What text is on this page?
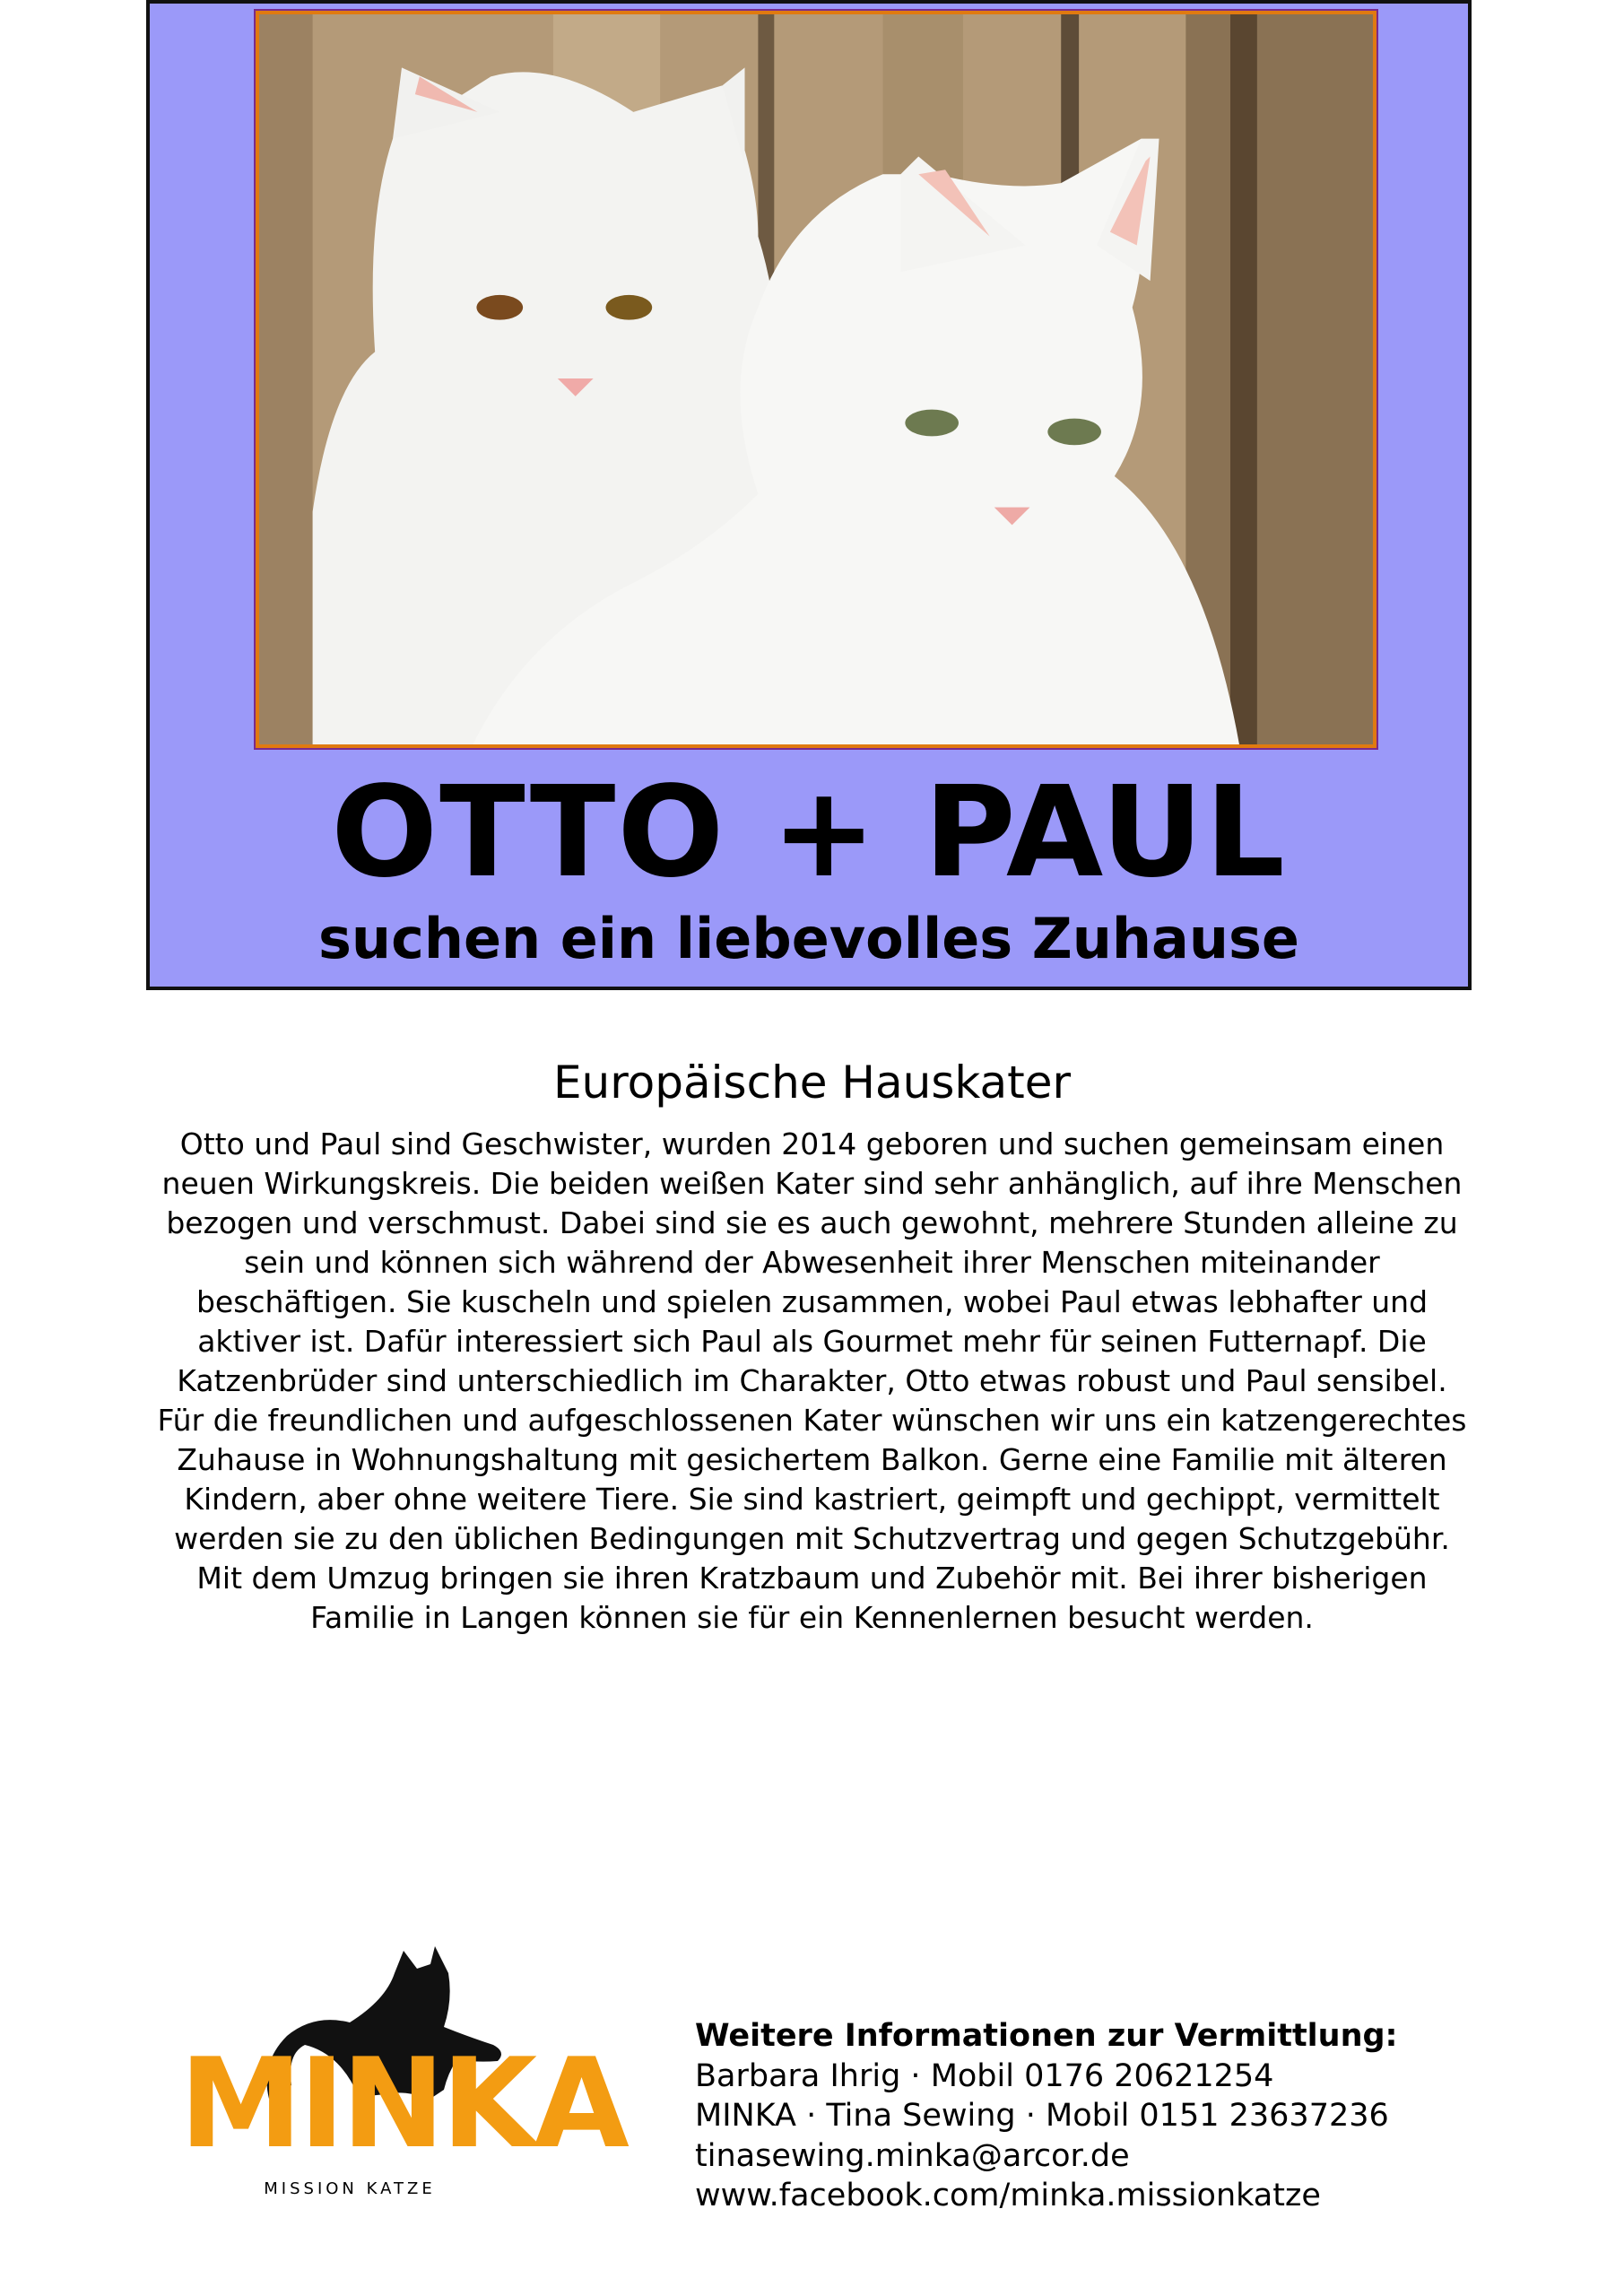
OTTO + PAUL
suchen ein liebevolles Zuhause
Europäische Hauskater
Otto und Paul sind Geschwister, wurden 2014 geboren und suchen gemeinsam einen neuen Wirkungskreis. Die beiden weißen Kater sind sehr anhänglich, auf ihre Menschen bezogen und verschmust. Dabei sind sie es auch gewohnt, mehrere Stunden alleine zu sein und können sich während der Abwesenheit ihrer Menschen miteinander beschäftigen. Sie kuscheln und spielen zusammen, wobei Paul etwas lebhafter und aktiver ist. Dafür interessiert sich Paul als Gourmet mehr für seinen Futternapf. Die Katzenbrüder sind unterschiedlich im Charakter, Otto etwas robust und Paul sensibel. Für die freundlichen und aufgeschlossenen Kater wünschen wir uns ein katzengerechtes Zuhause in Wohnungshaltung mit gesichertem Balkon. Gerne eine Familie mit älteren Kindern, aber ohne weitere Tiere. Sie sind kastriert, geimpft und gechippt, vermittelt werden sie zu den üblichen Bedingungen mit Schutzvertrag und gegen Schutzgebühr. Mit dem Umzug bringen sie ihren Kratzbaum und Zubehör mit. Bei ihrer bisherigen Familie in Langen können sie für ein Kennenlernen besucht werden.
MINKA
MISSION KATZE
Weitere Informationen zur Vermittlung:
Barbara Ihrig · Mobil 0176 20621254
MINKA · Tina Sewing · Mobil 0151 23637236
tinasewing.minka@arcor.de
www.facebook.com/minka.missionkatze
